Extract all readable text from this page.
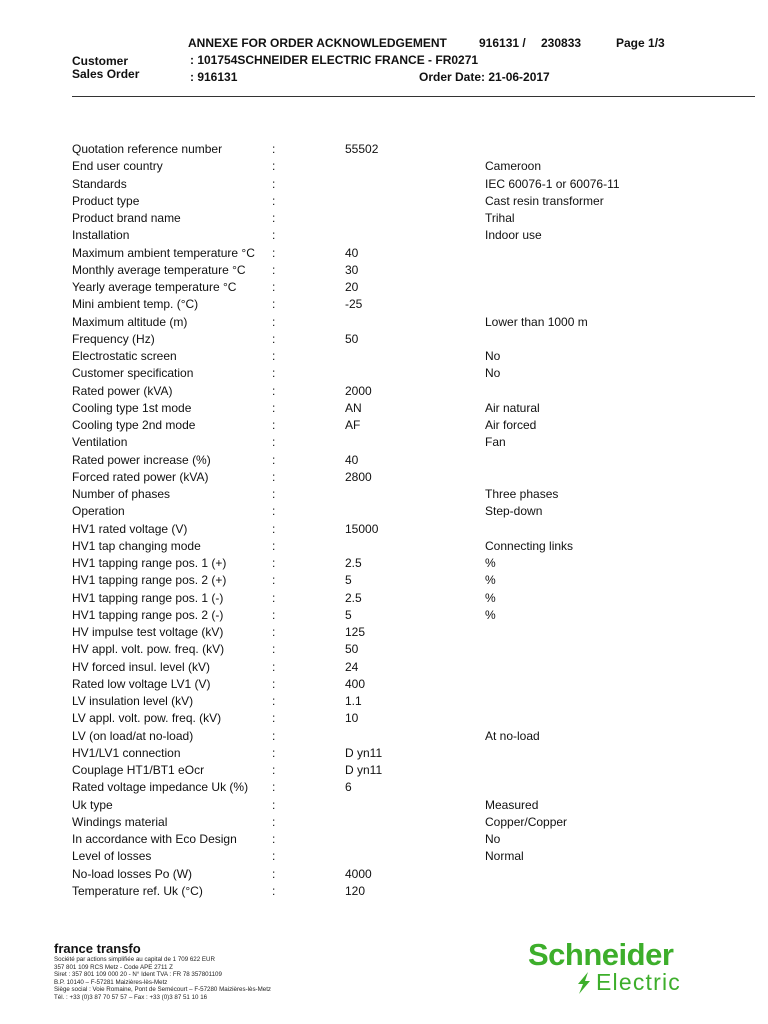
ANNEXE FOR ORDER ACKNOWLEDGEMENT	916131 / 230833	Page 1/3
Customer	: 101754SCHNEIDER ELECTRIC FRANCE - FR0271
Sales Order	: 916131	Order Date: 21-06-2017
Quotation reference number	:	55502
End user country	:	Cameroon
Standards	:	IEC 60076-1 or 60076-11
Product type	:	Cast resin transformer
Product brand name	:	Trihal
Installation	:	Indoor use
Maximum ambient temperature °C :	40
Monthly average temperature °C :	30
Yearly average temperature °C	:	20
Mini ambient temp. (°C)	:	-25
Maximum altitude (m)	:	Lower than 1000 m
Frequency (Hz)	:	50
Electrostatic screen	:	No
Customer specification	:	No
Rated power (kVA)	:	2000
Cooling type 1st mode	:	AN	Air natural
Cooling type 2nd mode	:	AF	Air forced
Ventilation	:	Fan
Rated power increase (%)	:	40
Forced rated power (kVA)	:	2800
Number of phases	:	Three phases
Operation	:	Step-down
HV1 rated voltage (V)	:	15000
HV1 tap changing mode	:	Connecting links
HV1 tapping range pos. 1 (+)	:	2.5	%
HV1 tapping range pos. 2 (+)	:	5	%
HV1 tapping range pos. 1 (-)	:	2.5	%
HV1 tapping range pos. 2 (-)	:	5	%
HV impulse test voltage (kV)	:	125
HV appl. volt. pow. freq. (kV)	:	50
HV forced insul. level (kV)	:	24
Rated low voltage LV1 (V)	:	400
LV insulation level (kV)	:	1.1
LV appl. volt. pow. freq. (kV)	:	10
LV (on load/at no-load)	:	At no-load
HV1/LV1 connection	:	D yn11
Couplage HT1/BT1 eOcr	:	D yn11
Rated voltage impedance Uk (%) :	6
Uk type	:	Measured
Windings material	:	Copper/Copper
In accordance with Eco Design	:	No
Level of losses	:	Normal
No-load losses Po (W)	:	4000
Temperature ref. Uk (°C)	:	120
france transfo
Société par actions simplifiée au capital de 1 709 622 EUR
357 801 109 RCS Metz - Code APE 2711 Z
Siret : 357 801 109 000 20 - N° Ident TVA : FR 78 357801109
B.P. 10140 – F-57281 Maizières-lès-Metz
Siège social : Voie Romaine, Pont de Semécourt – F-57280 Maizières-lès-Metz
Tél. : +33 (0)3 87 70 57 57 – Fax : +33 (0)3 87 51 10 16
Schneider
Electric
